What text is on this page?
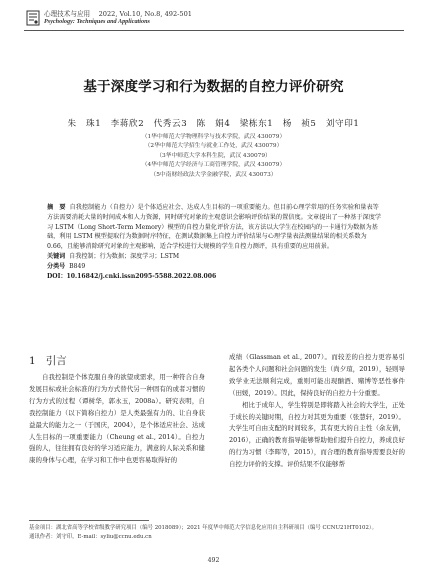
心理技术与应用 2022, Vol.10, No.8, 492-501
Psychology: Techniques and Applications
基于深度学习和行为数据的自控力评价研究
朱 珠1 李蒋欣2 代秀云3 陈 娟4 梁栋东1 杨 祯5 刘守印1
（1华中师范大学物理科学与技术学院，武汉 430079）
（2华中师范大学招生与就业工作处，武汉 430079）
（3华中师范大学本科生院，武汉 430079）
（4华中师范大学经济与工商管理学院，武汉 430079）
（5中南财经政法大学金融学院，武汉 430073）

摘　要 自我控制能力（自控力）是个体适应社会、达成人生目标的一项重要能力。但目前心理学常用的任务实验和量表等方法需要消耗大量的时间成本和人力资源，同时研究对象的主观意识会影响评价结果的置信度。文章提出了一种基于深度学习 LSTM（Long Short-Term Memory）模型的自控力量化评价方法，该方法以大学生在校园内的一卡通行为数据为基础，利用 LSTM 模型提取行为数据时序特征，在测试数据集上自控力评价结果与心理学量表法测量结果的相关系数为 0.66，且能够消除研究对象的主观影响，适合学校进行大规模的学生自控力测评，具有重要的应用前景。

关键词 自我控制；行为数据；深度学习；LSTM

分类号 B849

DOI：10.16842/j.cnki.issn2095-5588.2022.08.006

1 引言

自我控制是个体克服自身的欲望或需求，用一种符合自身发展目标或社会标准的行为方式替代另一种固有的或者习惯的行为方式的过程（谭树华，郭永玉，2008a）。研究表明，自我控制能力（以下简称自控力）是人类最强有力的、让自身获益最大的能力之一（于国庆，2004），是个体适应社会、达成人生目标的一项重要能力（Cheung et al., 2014）。自控力强的人，往往拥有良好的学习适应能力，满意的人际关系和健康的身体与心理，在学习和工作中也更容易取得好的

成绩（Glassman et al., 2007）。而较差的自控力更容易引起各类个人问题和社会问题的发生（尚夕瑄，2019），轻则导致学业无法顺利完成，重则可能出现酗酒、赌博等恶性事件（田媛，2019）。因此，保持良好的自控力十分重要。

相比于成年人，学生特别是即将踏入社会的大学生，正处于成长的关键时期，自控力对其更为重要（张慧轩，2019）。大学生可自由支配的时间较多，其有更大的自主性（余友倩，2016），正确的教育指导能够帮助他们提升自控力，养成良好的行为习惯（李晖等，2015），而合理的教育指导需要良好的自控力评价的支撑。评价结果不仅能够帮

基金项目：湖北省高等学校省级教学研究项目（编号 2018089）；2021 年度华中师范大学信息化应用自主科研项目（编号 CCNU21HT0102）。

通讯作者：刘守印，E-mail：syliu@ccnu.edu.cn

492
